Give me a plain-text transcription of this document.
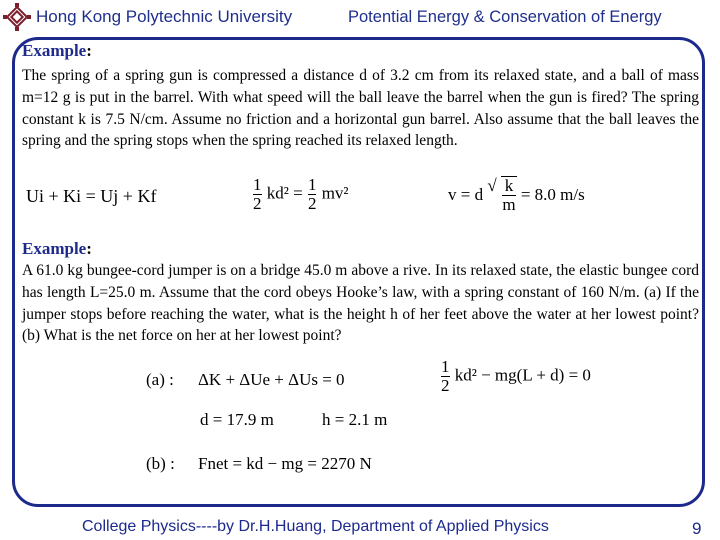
Hong Kong Polytechnic University	Potential Energy & Conservation of Energy
Example:
The spring of a spring gun is compressed a distance d of 3.2 cm from its relaxed state, and a ball of mass m=12 g is put in the barrel. With what speed will the ball leave the barrel when the gun is fired? The spring constant k is 7.5 N/cm. Assume no friction and a horizontal gun barrel. Also assume that the ball leaves the spring and the spring stops when the spring reached its relaxed length.
Ui + Ki = Uj + Kf	$\frac{1}{2} kd^2 = \frac{1}{2} mv^2$	v = d √ $\frac{k}{m} = 8.0$ m/s
Example:
A 61.0 kg bungee-cord jumper is on a bridge 45.0 m above a rive. In its relaxed state, the elastic bungee cord has length L=25.0 m. Assume that the cord obeys Hooke’s law, with a spring constant of 160 N/m. (a) If the jumper stops before reaching the water, what is the height h of her feet above the water at her lowest point? (b) What is the net force on her at her lowest point?
(a) : ΔK + ΔUe + ΔUs = 0	$\frac{1}{2} kd^2 - mg(L + d) = 0$
d = 17.9 m	h = 2.1 m
(b) : Fnet = kd − mg = 2270 N
College Physics----by Dr.H.Huang, Department of Applied Physics	9
